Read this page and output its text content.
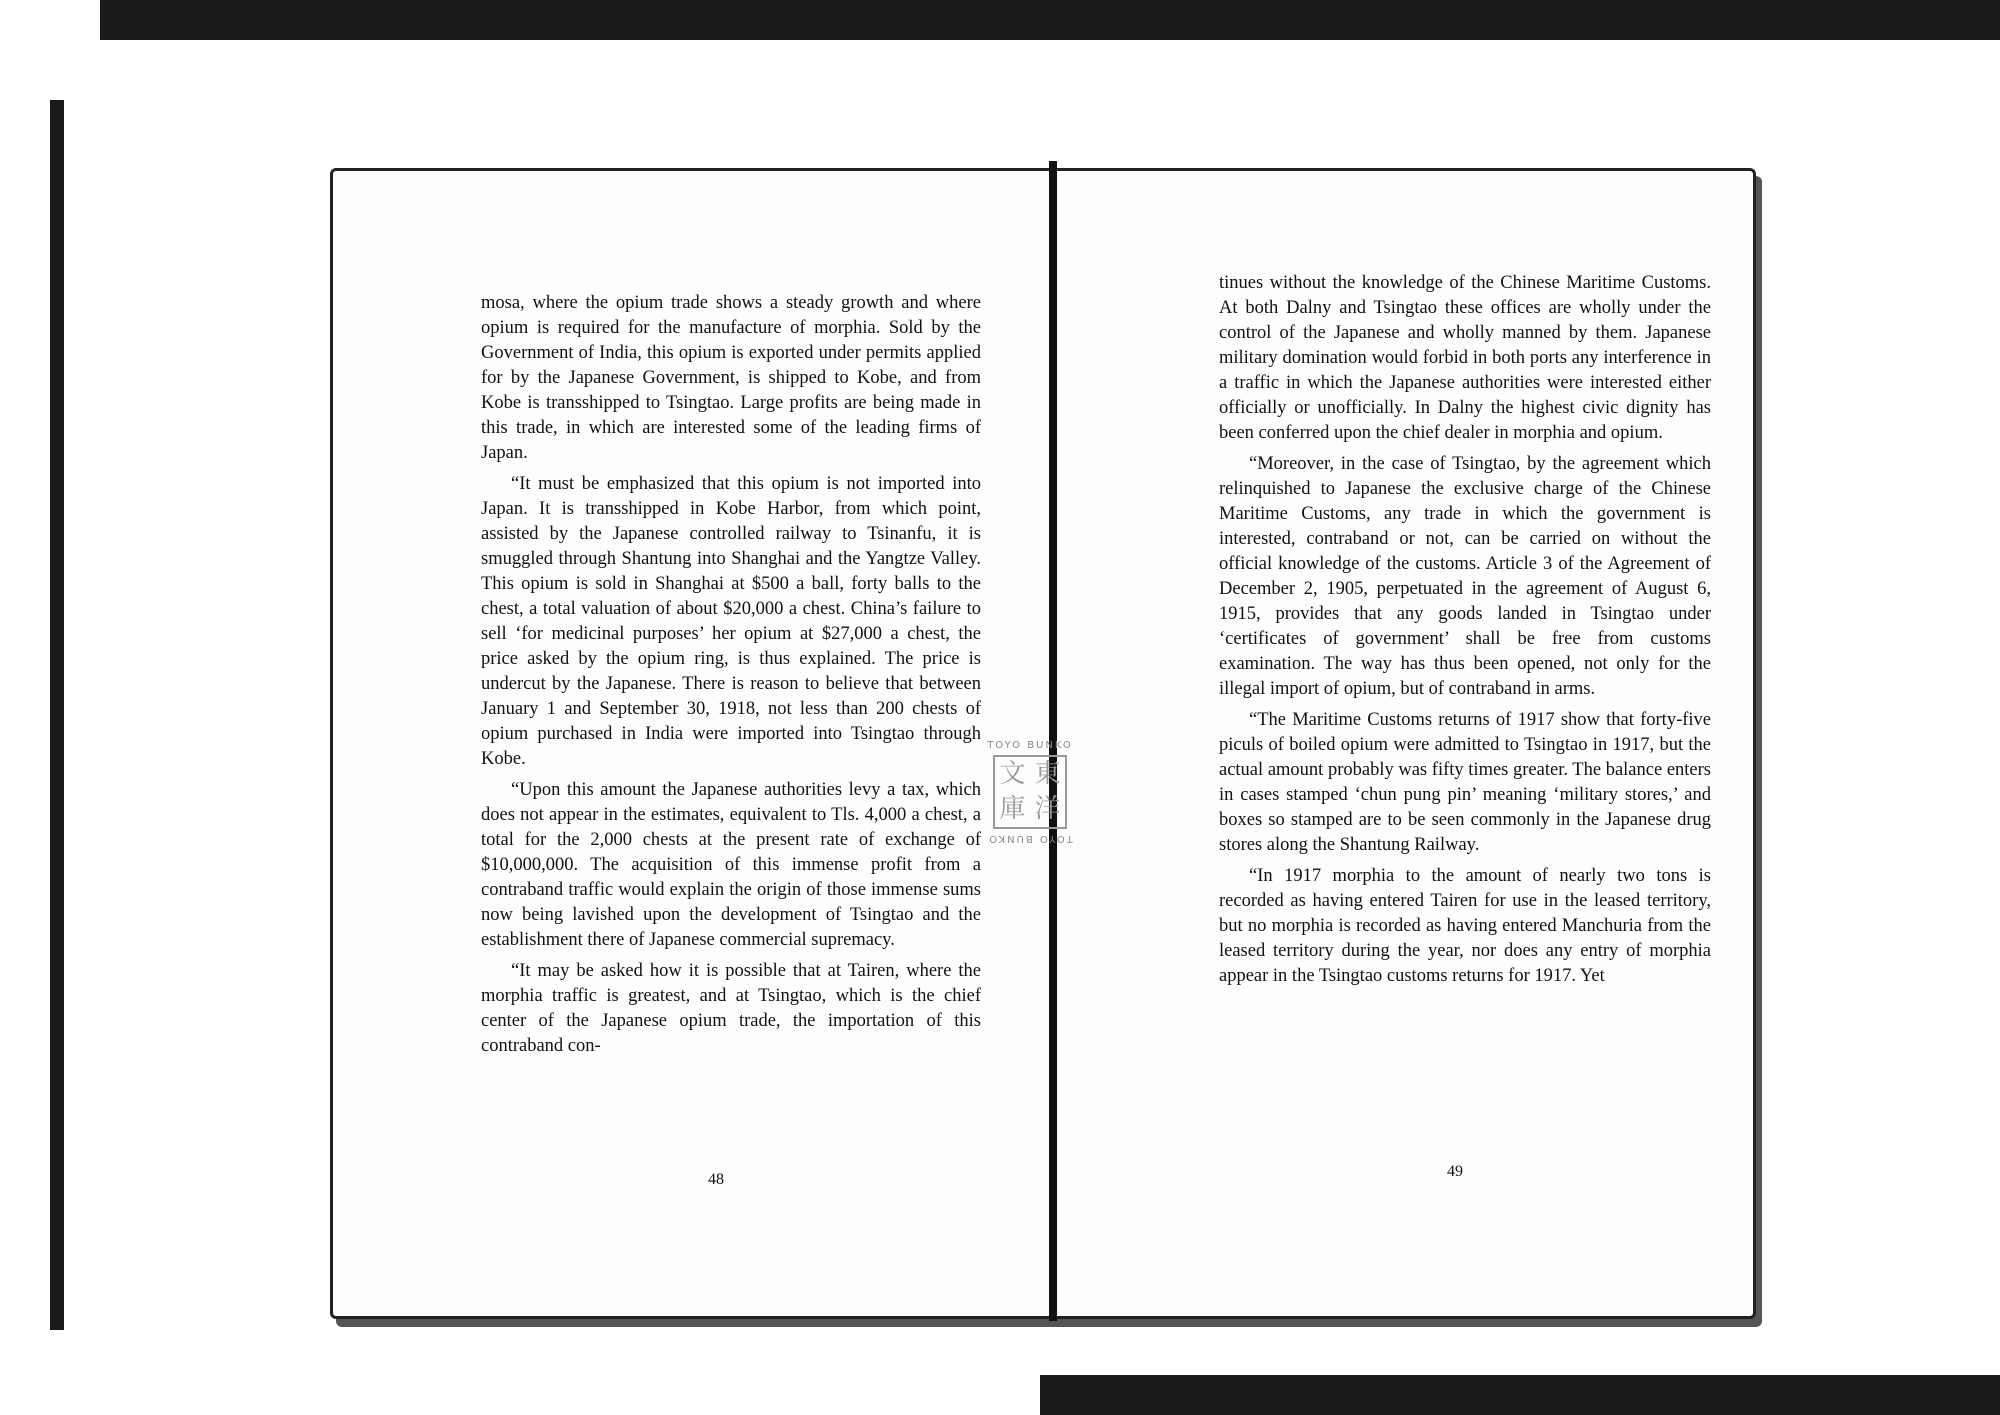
mosa, where the opium trade shows a steady growth and where opium is required for the manufacture of morphia. Sold by the Government of India, this opium is exported under permits applied for by the Japanese Government, is shipped to Kobe, and from Kobe is transshipped to Tsingtao. Large profits are being made in this trade, in which are interested some of the leading firms of Japan.

“It must be emphasized that this opium is not imported into Japan. It is transshipped in Kobe Harbor, from which point, assisted by the Japanese controlled railway to Tsinanfu, it is smuggled through Shantung into Shanghai and the Yangtze Valley. This opium is sold in Shanghai at $500 a ball, forty balls to the chest, a total valuation of about $20,000 a chest. China’s failure to sell ‘for medicinal purposes’ her opium at $27,000 a chest, the price asked by the opium ring, is thus explained. The price is undercut by the Japanese. There is reason to believe that between January 1 and September 30, 1918, not less than 200 chests of opium purchased in India were imported into Tsingtao through Kobe.

“Upon this amount the Japanese authorities levy a tax, which does not appear in the estimates, equivalent to Tls. 4,000 a chest, a total for the 2,000 chests at the present rate of exchange of $10,000,000. The acquisition of this immense profit from a contraband traffic would explain the origin of those immense sums now being lavished upon the development of Tsingtao and the establishment there of Japanese commercial supremacy.

“It may be asked how it is possible that at Tairen, where the morphia traffic is greatest, and at Tsingtao, which is the chief center of the Japanese opium trade, the importation of this contraband con-

48

tinues without the knowledge of the Chinese Maritime Customs. At both Dalny and Tsingtao these offices are wholly under the control of the Japanese and wholly manned by them. Japanese military domination would forbid in both ports any interference in a traffic in which the Japanese authorities were interested either officially or unofficially. In Dalny the highest civic dignity has been conferred upon the chief dealer in morphia and opium.

“Moreover, in the case of Tsingtao, by the agreement which relinquished to Japanese the exclusive charge of the Chinese Maritime Customs, any trade in which the government is interested, contraband or not, can be carried on without the official knowledge of the customs. Article 3 of the Agreement of December 2, 1905, perpetuated in the agreement of August 6, 1915, provides that any goods landed in Tsingtao under ‘certificates of government’ shall be free from customs examination. The way has thus been opened, not only for the illegal import of opium, but of contraband in arms.

“The Maritime Customs returns of 1917 show that forty-five piculs of boiled opium were admitted to Tsingtao in 1917, but the actual amount probably was fifty times greater. The balance enters in cases stamped ‘chun pung pin’ meaning ‘military stores,’ and boxes so stamped are to be seen commonly in the Japanese drug stores along the Shantung Railway.

“In 1917 morphia to the amount of nearly two tons is recorded as having entered Tairen for use in the leased territory, but no morphia is recorded as having entered Manchuria from the leased territory during the year, nor does any entry of morphia appear in the Tsingtao customs returns for 1917. Yet

49
TOYO BUNKO
文 東
庫 洋
TOYO BUNKO
